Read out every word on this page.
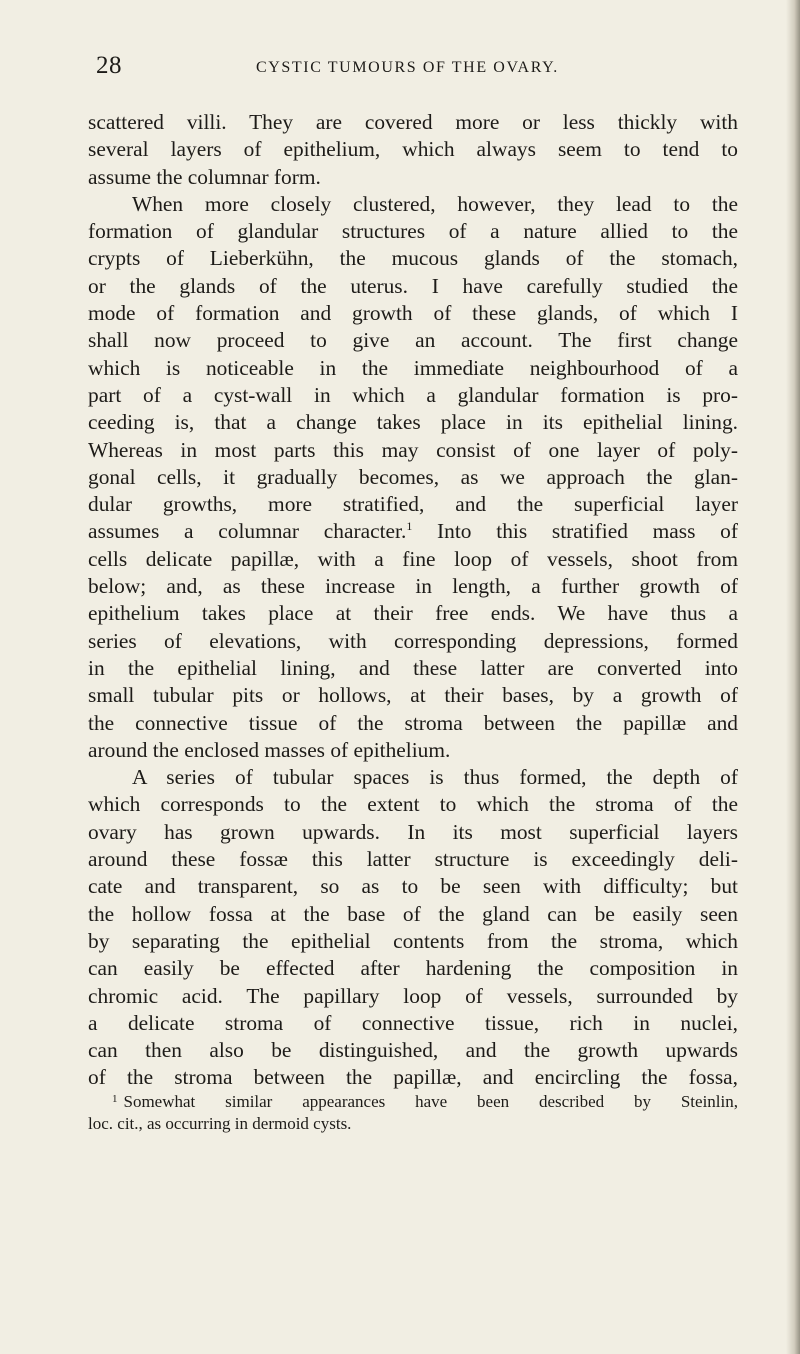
28	CYSTIC TUMOURS OF THE OVARY.
scattered villi. They are covered more or less thickly with
several layers of epithelium, which always seem to tend to
assume the columnar form.
When more closely clustered, however, they lead to the
formation of glandular structures of a nature allied to the
crypts of Lieberkühn, the mucous glands of the stomach,
or the glands of the uterus. I have carefully studied the
mode of formation and growth of these glands, of which I
shall now proceed to give an account. The first change
which is noticeable in the immediate neighbourhood of a
part of a cyst-wall in which a glandular formation is pro-
ceeding is, that a change takes place in its epithelial lining.
Whereas in most parts this may consist of one layer of poly-
gonal cells, it gradually becomes, as we approach the glan-
dular growths, more stratified, and the superficial layer
assumes a columnar character.$^1$ Into this stratified mass of
cells delicate papillæ, with a fine loop of vessels, shoot from
below; and, as these increase in length, a further growth of
epithelium takes place at their free ends. We have thus a
series of elevations, with corresponding depressions, formed
in the epithelial lining, and these latter are converted into
small tubular pits or hollows, at their bases, by a growth of
the connective tissue of the stroma between the papillæ and
around the enclosed masses of epithelium.
A series of tubular spaces is thus formed, the depth of
which corresponds to the extent to which the stroma of the
ovary has grown upwards. In its most superficial layers
around these fossæ this latter structure is exceedingly deli-
cate and transparent, so as to be seen with difficulty; but
the hollow fossa at the base of the gland can be easily seen
by separating the epithelial contents from the stroma, which
can easily be effected after hardening the composition in
chromic acid. The papillary loop of vessels, surrounded by
a delicate stroma of connective tissue, rich in nuclei,
can then also be distinguished, and the growth upwards
of the stroma between the papillæ, and encircling the fossa,
$^1$ Somewhat similar appearances have been described by Steinlin,
loc. cit., as occurring in dermoid cysts.
